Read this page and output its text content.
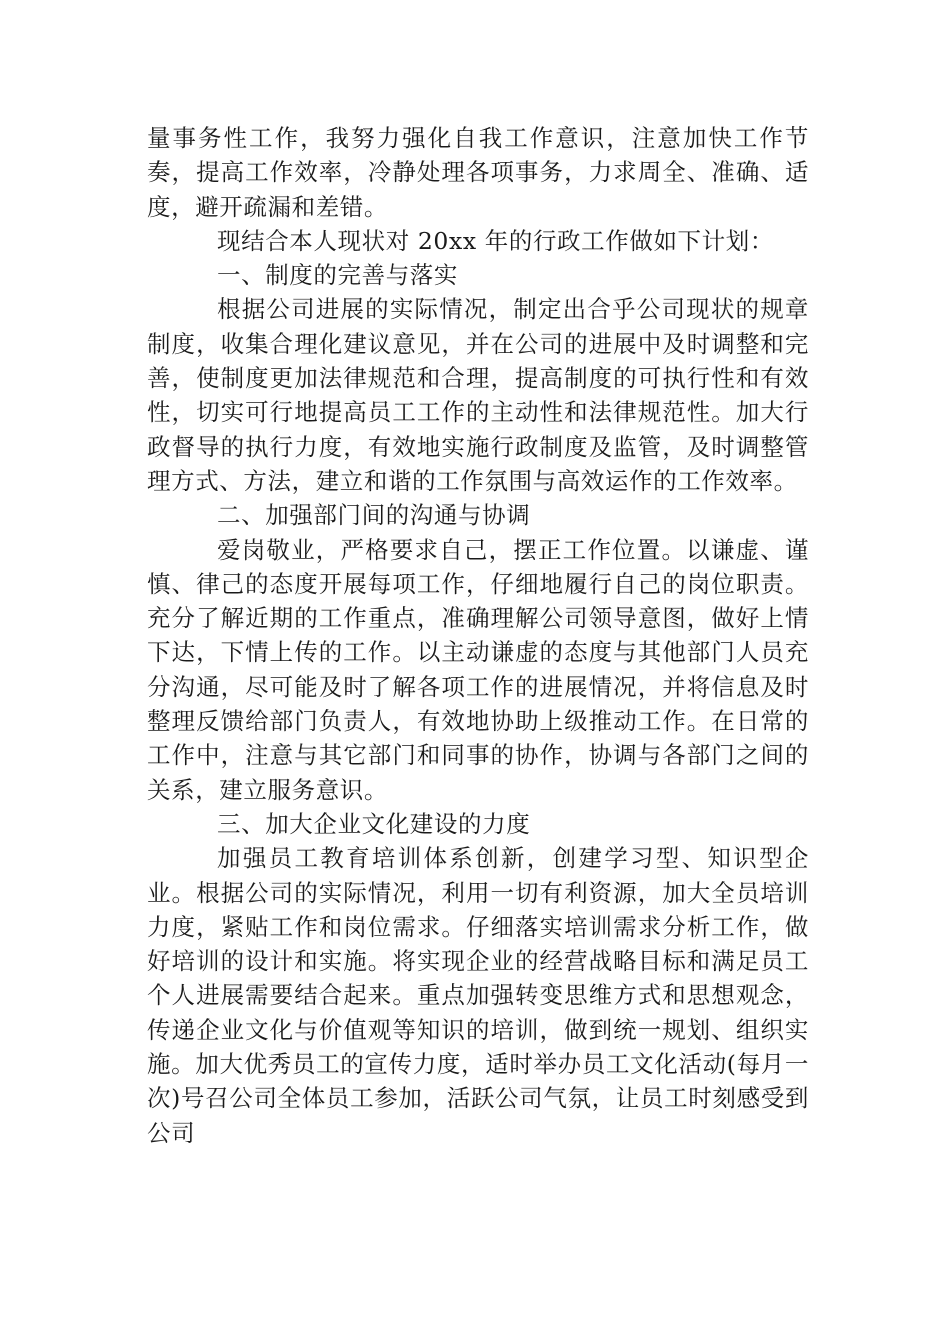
量事务性工作，我努力强化自我工作意识，注意加快工作节奏，提高工作效率，冷静处理各项事务，力求周全、准确、适度，避开疏漏和差错。

现结合本人现状对 20xx 年的行政工作做如下计划：

一、制度的完善与落实

根据公司进展的实际情况，制定出合乎公司现状的规章制度，收集合理化建议意见，并在公司的进展中及时调整和完善，使制度更加法律规范和合理，提高制度的可执行性和有效性，切实可行地提高员工工作的主动性和法律规范性。加大行政督导的执行力度，有效地实施行政制度及监管，及时调整管理方式、方法，建立和谐的工作氛围与高效运作的工作效率。

二、加强部门间的沟通与协调

爱岗敬业，严格要求自己，摆正工作位置。以谦虚、谨慎、律己的态度开展每项工作，仔细地履行自己的岗位职责。充分了解近期的工作重点，准确理解公司领导意图，做好上情下达，下情上传的工作。以主动谦虚的态度与其他部门人员充分沟通，尽可能及时了解各项工作的进展情况，并将信息及时整理反馈给部门负责人，有效地协助上级推动工作。在日常的工作中，注意与其它部门和同事的协作，协调与各部门之间的关系，建立服务意识。

三、加大企业文化建设的力度

加强员工教育培训体系创新，创建学习型、知识型企业。根据公司的实际情况，利用一切有利资源，加大全员培训力度，紧贴工作和岗位需求。仔细落实培训需求分析工作，做好培训的设计和实施。将实现企业的经营战略目标和满足员工个人进展需要结合起来。重点加强转变思维方式和思想观念，传递企业文化与价值观等知识的培训，做到统一规划、组织实施。加大优秀员工的宣传力度，适时举办员工文化活动(每月一次)号召公司全体员工参加，活跃公司气氛，让员工时刻感受到公司
